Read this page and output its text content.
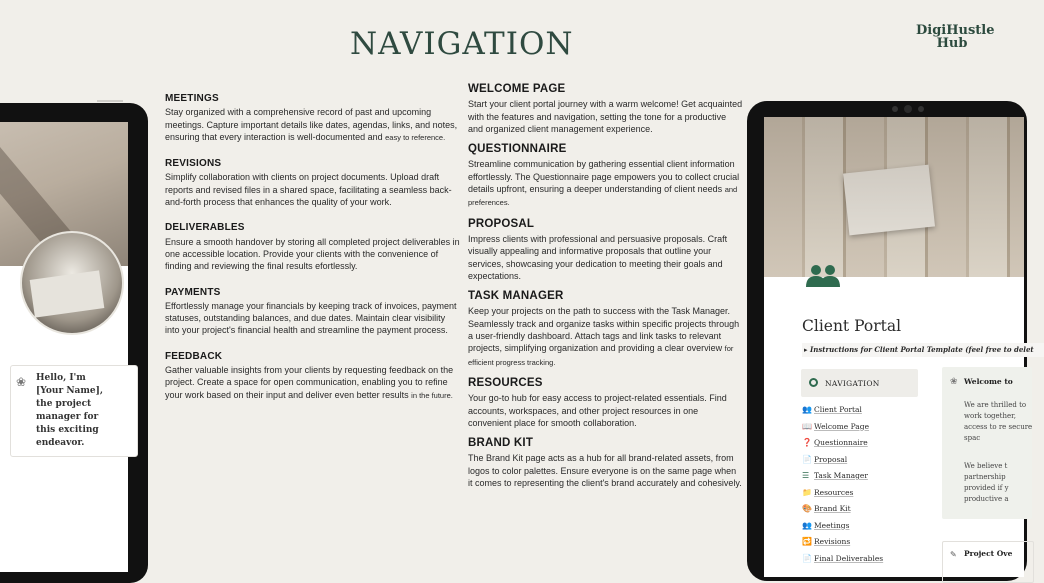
NAVIGATION	DigiHustle
Hub
❀ Hello, I'm [Your Name], the project manager for this exciting endeavor.
MEETINGS
Stay organized with a comprehensive record of past and upcoming meetings. Capture important details like dates, agendas, links, and notes, ensuring that every interaction is well-documented and easy to reference.
REVISIONS
Simplify collaboration with clients on project documents. Upload draft reports and revised files in a shared space, facilitating a seamless back-and-forth process that enhances the quality of your work.
DELIVERABLES
Ensure a smooth handover by storing all completed project deliverables in one accessible location. Provide your clients with the convenience of finding and reviewing the final results efortlessly.
PAYMENTS
Effortlessly manage your financials by keeping track of invoices, payment statuses, outstanding balances, and due dates. Maintain clear visibility into your project's financial health and streamline the payment process.
FEEDBACK
Gather valuable insights from your clients by requesting feedback on the project. Create a space for open communication, enabling you to refine your work based on their input and deliver even better results in the future.
WELCOME PAGE
Start your client portal journey with a warm welcome! Get acquainted with the features and navigation, setting the tone for a productive and organized client management experience.
QUESTIONNAIRE
Streamline communication by gathering essential client information effortlessly. The Questionnaire page empowers you to collect crucial details upfront, ensuring a deeper understanding of client needs and preferences.
PROPOSAL
Impress clients with professional and persuasive proposals. Craft visually appealing and informative proposals that outline your services, showcasing your dedication to meeting their goals and expectations.
TASK MANAGER
Keep your projects on the path to success with the Task Manager. Seamlessly track and organize tasks within specific projects through a user-friendly dashboard. Attach tags and link tasks to relevant projects, simplifying organization and providing a clear overview for efficient progress tracking.
RESOURCES
Your go-to hub for easy access to project-related essentials. Find accounts, workspaces, and other project resources in one convenient place for smooth collaboration.
BRAND KIT
The Brand Kit page acts as a hub for all brand-related assets, from logos to color palettes. Ensure everyone is on the same page when it comes to representing the client's brand accurately and cohesively.
Client Portal
▸ Instructions for Client Portal Template (feel free to delet
NAVIGATION
👥 Client Portal
📖 Welcome Page
❓ Questionnaire
📄 Proposal
☰ Task Manager
📁 Resources
🎨 Brand Kit
👥 Meetings
🔁 Revisions
📄 Final Deliverables
❀ Welcome to
We are thrilled to work together, access to re secure spac
We believe t partnership provided if y productive a
✎ Project Ove
